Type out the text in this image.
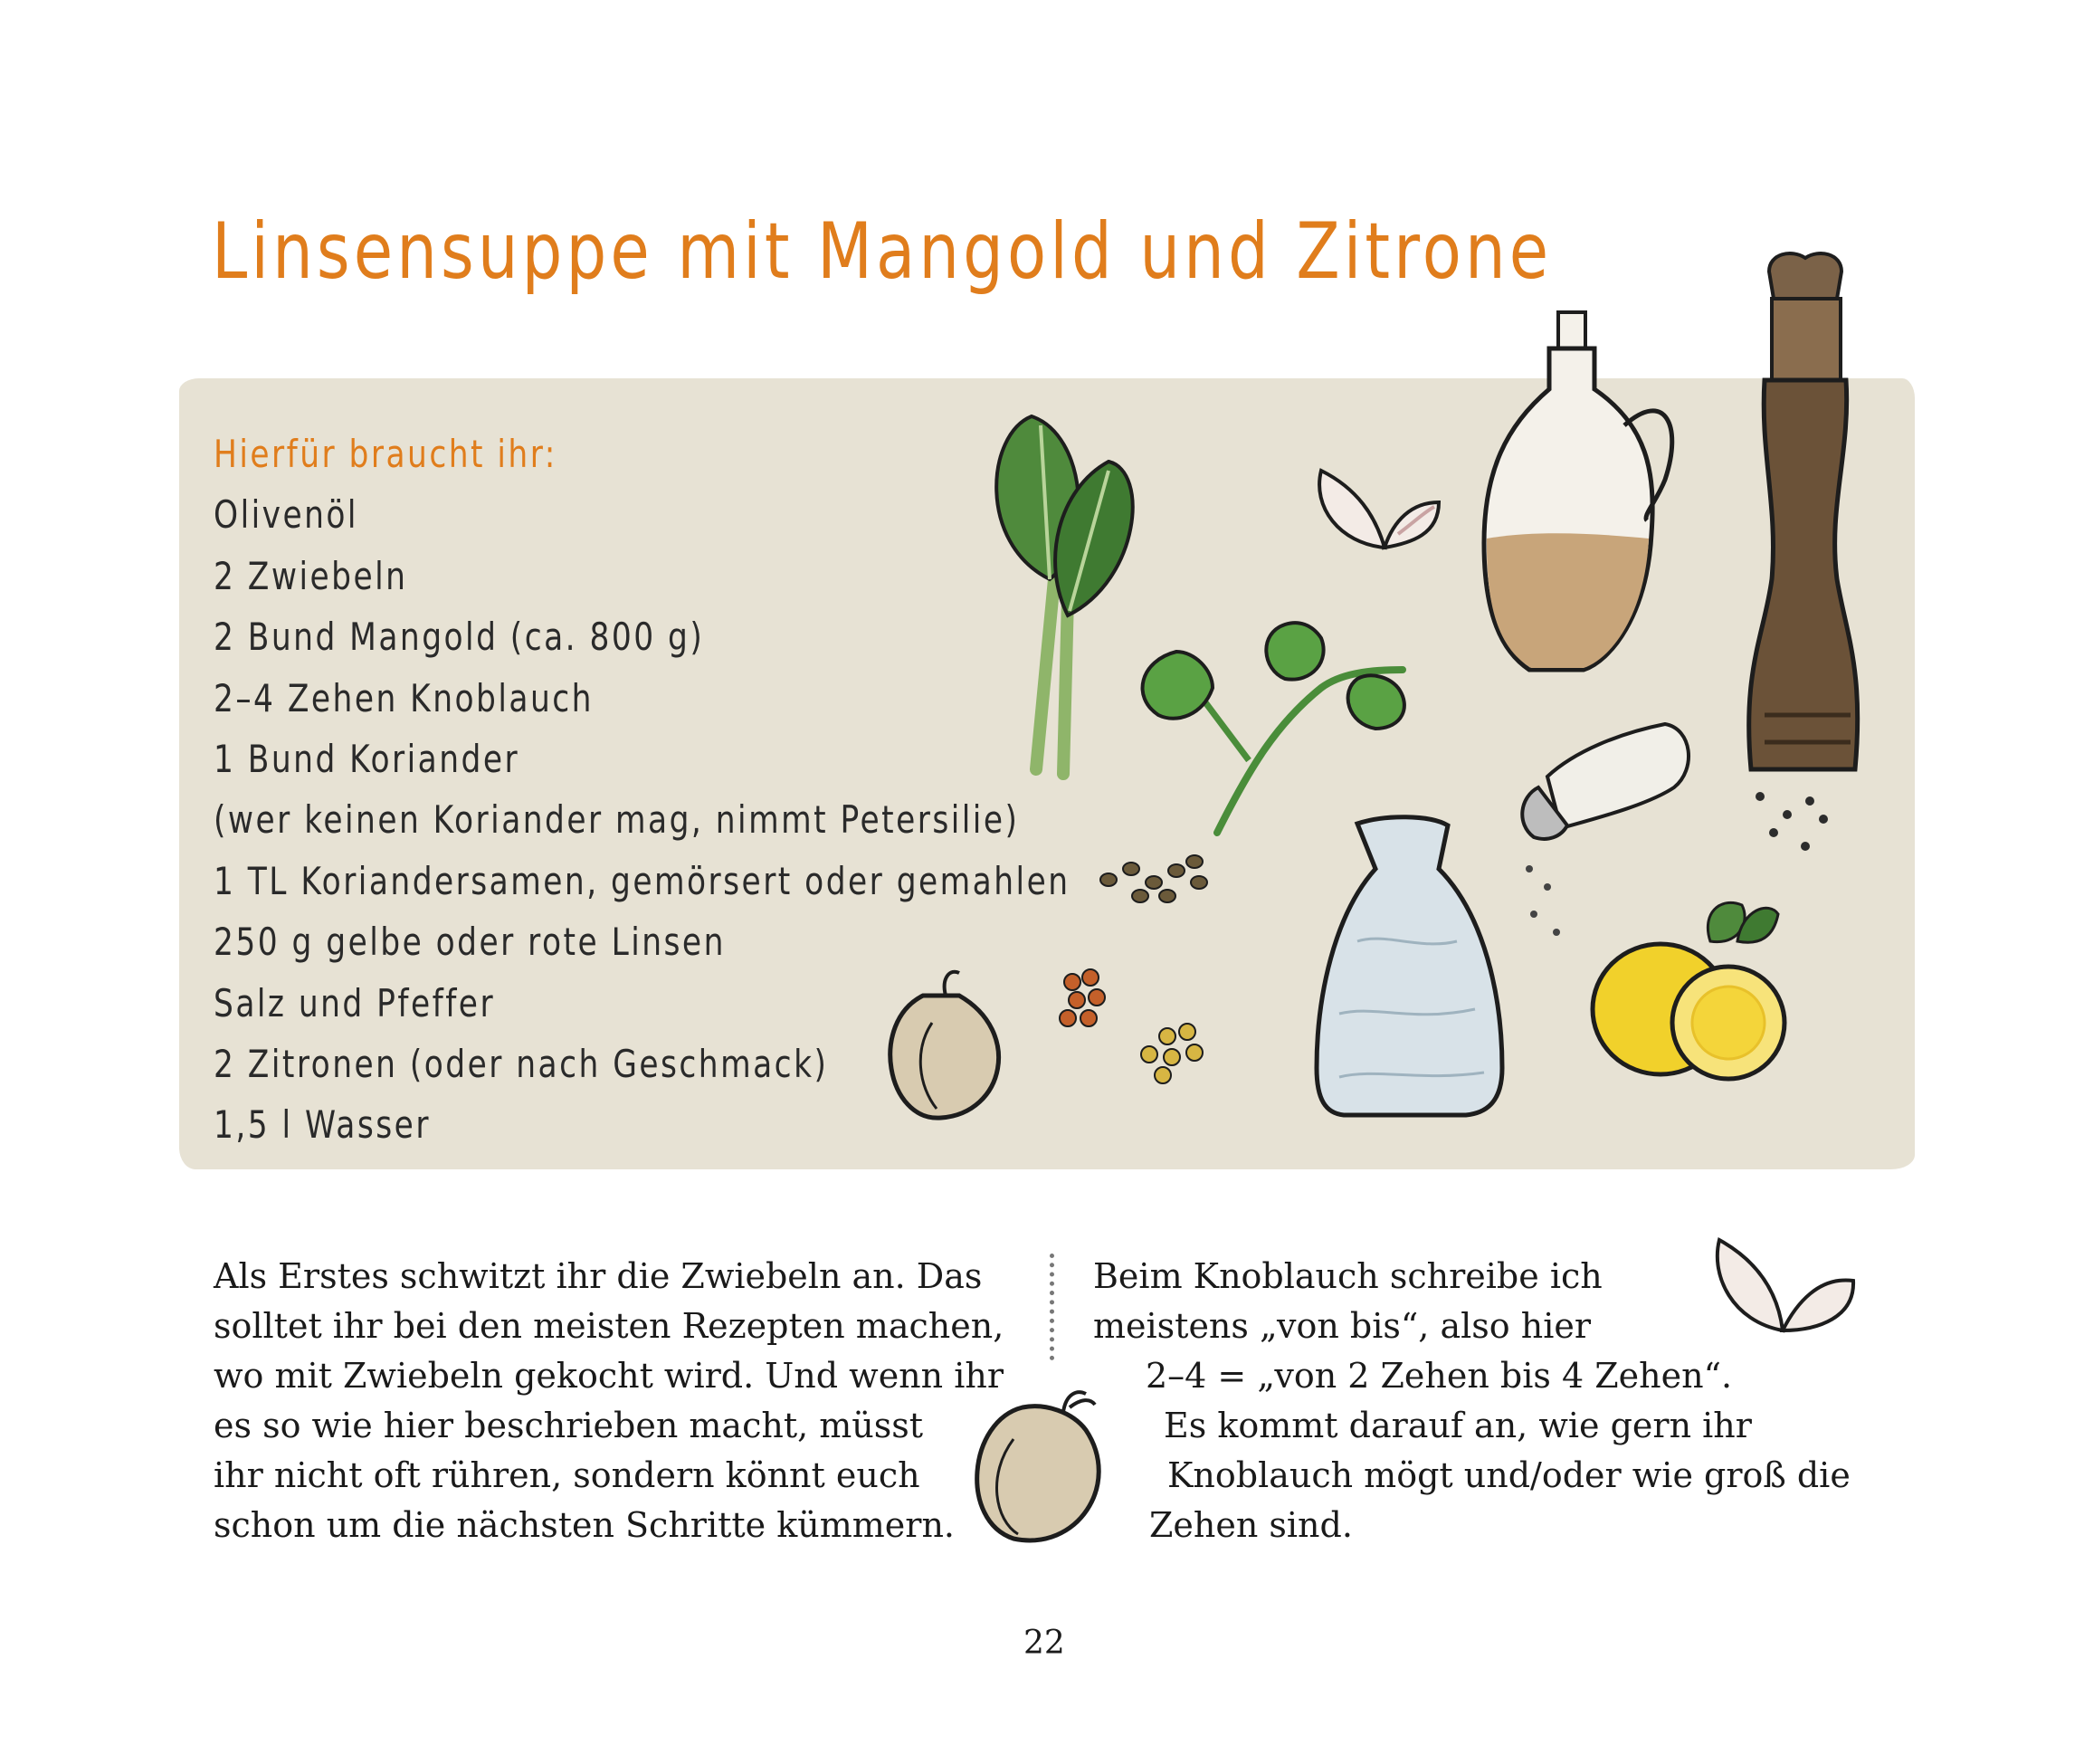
Linsensuppe mit Mangold und Zitrone
Hierfür braucht ihr:
Olivenöl
2 Zwiebeln
2 Bund Mangold (ca. 800 g)
2–4 Zehen Knoblauch
1 Bund Koriander
(wer keinen Koriander mag, nimmt Petersilie)
1 TL Koriandersamen, gemörsert oder gemahlen
250 g gelbe oder rote Linsen
Salz und Pfeffer
2 Zitronen (oder nach Geschmack)
1,5 l Wasser
Als Erstes schwitzt ihr die Zwiebeln an. Das
solltet ihr bei den meisten Rezepten machen,
wo mit Zwiebeln gekocht wird. Und wenn ihr
es so wie hier beschrieben macht, müsst
ihr nicht oft rühren, sondern könnt euch
schon um die nächsten Schritte kümmern.
Beim Knoblauch schreibe ich
meistens „von bis“, also hier
2–4 = „von 2 Zehen bis 4 Zehen“.
Es kommt darauf an, wie gern ihr
Knoblauch mögt und/oder wie groß die
Zehen sind.
22
